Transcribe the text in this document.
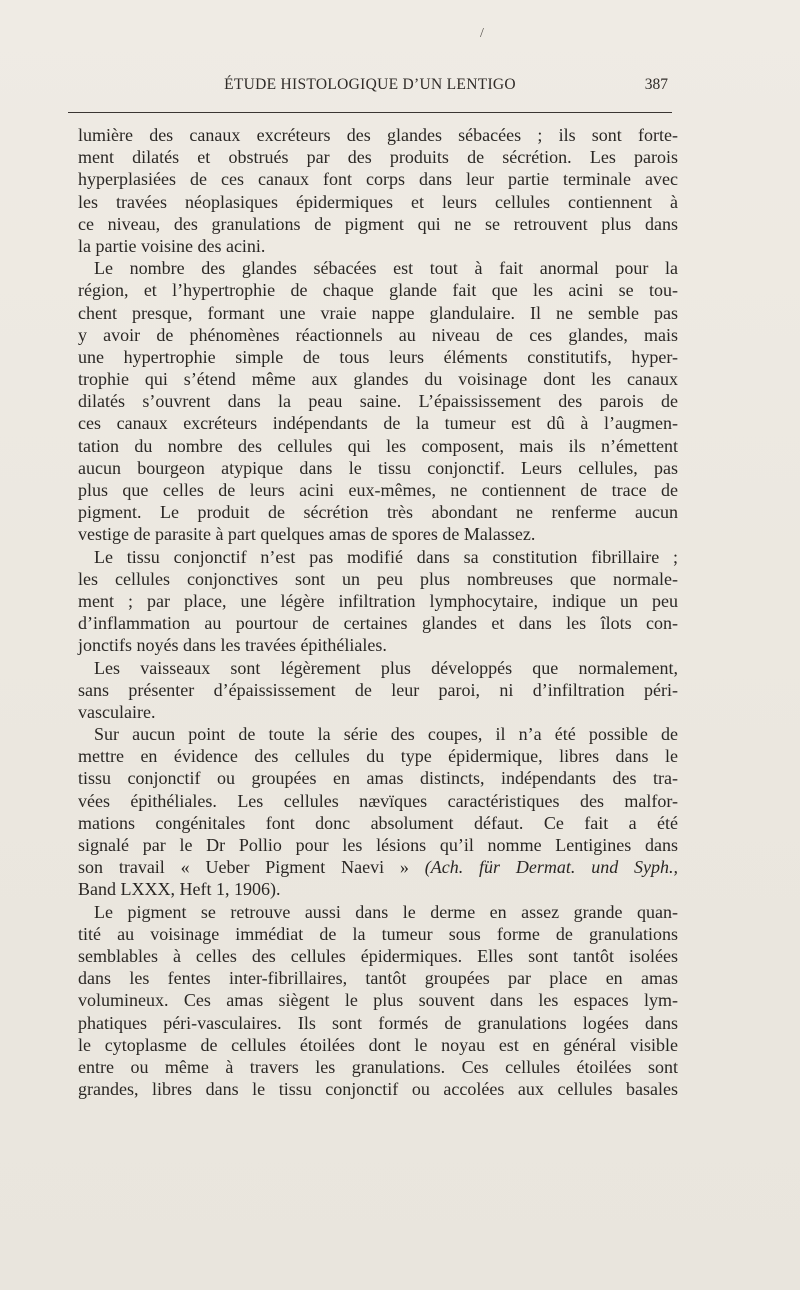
/
ÉTUDE HISTOLOGIQUE D’UN LENTIGO	387
lumière des canaux excréteurs des glandes sébacées ; ils sont forte-
ment dilatés et obstrués par des produits de sécrétion. Les parois
hyperplasiées de ces canaux font corps dans leur partie terminale avec
les travées néoplasiques épidermiques et leurs cellules contiennent à
ce niveau, des granulations de pigment qui ne se retrouvent plus dans
la partie voisine des acini.
Le nombre des glandes sébacées est tout à fait anormal pour la
région, et l’hypertrophie de chaque glande fait que les acini se tou-
chent presque, formant une vraie nappe glandulaire. Il ne semble pas
y avoir de phénomènes réactionnels au niveau de ces glandes, mais
une hypertrophie simple de tous leurs éléments constitutifs, hyper-
trophie qui s’étend même aux glandes du voisinage dont les canaux
dilatés s’ouvrent dans la peau saine. L’épaississement des parois de
ces canaux excréteurs indépendants de la tumeur est dû à l’augmen-
tation du nombre des cellules qui les composent, mais ils n’émettent
aucun bourgeon atypique dans le tissu conjonctif. Leurs cellules, pas
plus que celles de leurs acini eux-mêmes, ne contiennent de trace de
pigment. Le produit de sécrétion très abondant ne renferme aucun
vestige de parasite à part quelques amas de spores de Malassez.
Le tissu conjonctif n’est pas modifié dans sa constitution fibrillaire ;
les cellules conjonctives sont un peu plus nombreuses que normale-
ment ; par place, une légère infiltration lymphocytaire, indique un peu
d’inflammation au pourtour de certaines glandes et dans les îlots con-
jonctifs noyés dans les travées épithéliales.
Les vaisseaux sont légèrement plus développés que normalement,
sans présenter d’épaississement de leur paroi, ni d’infiltration péri-
vasculaire.
Sur aucun point de toute la série des coupes, il n’a été possible de
mettre en évidence des cellules du type épidermique, libres dans le
tissu conjonctif ou groupées en amas distincts, indépendants des tra-
vées épithéliales. Les cellules nævïques caractéristiques des malfor-
mations congénitales font donc absolument défaut. Ce fait a été
signalé par le Dr Pollio pour les lésions qu’il nomme Lentigines dans
son travail « Ueber Pigment Naevi » (Ach. für Dermat. und Syph.,
Band LXXX, Heft 1, 1906).
Le pigment se retrouve aussi dans le derme en assez grande quan-
tité au voisinage immédiat de la tumeur sous forme de granulations
semblables à celles des cellules épidermiques. Elles sont tantôt isolées
dans les fentes inter-fibrillaires, tantôt groupées par place en amas
volumineux. Ces amas siègent le plus souvent dans les espaces lym-
phatiques péri-vasculaires. Ils sont formés de granulations logées dans
le cytoplasme de cellules étoilées dont le noyau est en général visible
entre ou même à travers les granulations. Ces cellules étoilées sont
grandes, libres dans le tissu conjonctif ou accolées aux cellules basales
